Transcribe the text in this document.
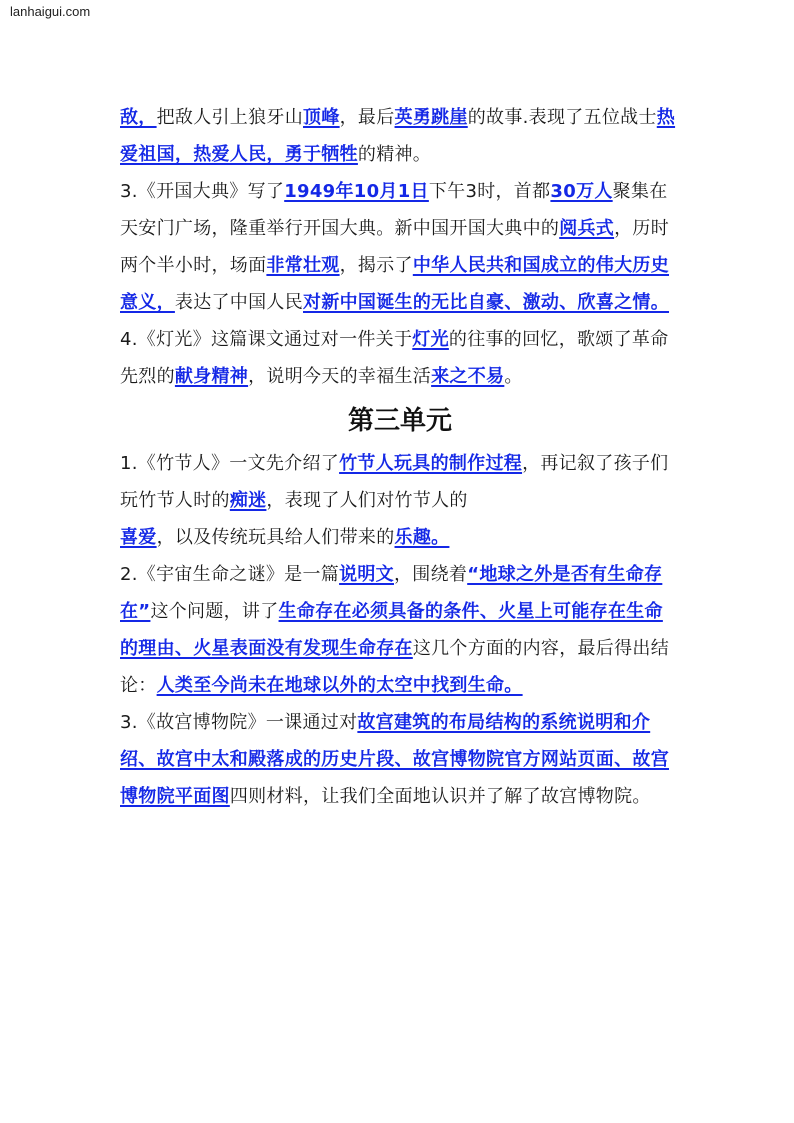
lanhaigui.com

敌，把敌人引上狼牙山顶峰，最后英勇跳崖的故事.表现了五位战士热爱祖国，热爱人民，勇于牺牲的精神。

3.《开国大典》写了1949年10月1日下午3时，首都30万人聚集在天安门广场，隆重举行开国大典。新中国开国大典中的阅兵式，历时两个半小时，场面非常壮观，揭示了中华人民共和国成立的伟大历史意义，表达了中国人民对新中国诞生的无比自豪、激动、欣喜之情。

4.《灯光》这篇课文通过对一件关于灯光的往事的回忆，歌颂了革命先烈的献身精神，说明今天的幸福生活来之不易。

第三单元

1.《竹节人》一文先介绍了竹节人玩具的制作过程，再记叙了孩子们玩竹节人时的痴迷，表现了人们对竹节人的
喜爱，以及传统玩具给人们带来的乐趣。

2.《宇宙生命之谜》是一篇说明文，围绕着“地球之外是否有生命存在”这个问题，讲了生命存在必须具备的条件、火星上可能存在生命的理由、火星表面没有发现生命存在这几个方面的内容，最后得出结论：人类至今尚未在地球以外的太空中找到生命。

3.《故宫博物院》一课通过对故宫建筑的布局结构的系统说明和介绍、故宫中太和殿落成的历史片段、故宫博物院官方网站页面、故宫博物院平面图四则材料，让我们全面地认识并了解了故宫博物院。
